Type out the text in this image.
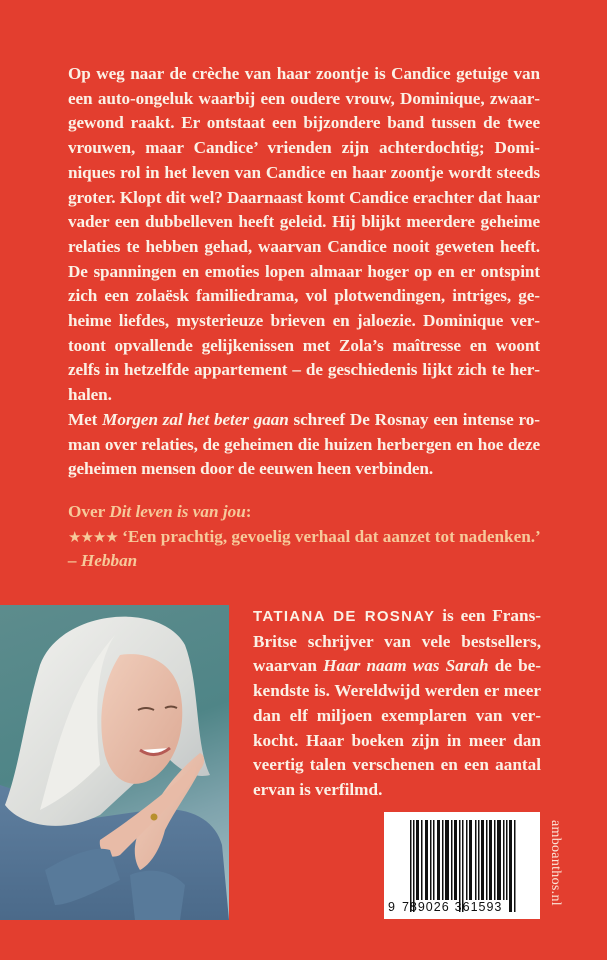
Op weg naar de crèche van haar zoontje is Candice getuige van een auto-ongeluk waarbij een oudere vrouw, Dominique, zwaargewond raakt. Er ontstaat een bijzondere band tussen de twee vrouwen, maar Candice’ vrienden zijn achterdochtig; Dominiques rol in het leven van Candice en haar zoontje wordt steeds groter. Klopt dit wel? Daarnaast komt Candice erachter dat haar vader een dubbelleven heeft geleid. Hij blijkt meerdere geheime relaties te hebben gehad, waarvan Candice nooit geweten heeft. De spanningen en emoties lopen almaar hoger op en er ontspint zich een zolaësk familiedrama, vol plotwendingen, intriges, geheime liefdes, mysterieuze brieven en jaloezie. Dominique vertoont opvallende gelijkenissen met Zola’s maîtresse en woont zelfs in hetzelfde appartement – de geschiedenis lijkt zich te herhalen.

Met Morgen zal het beter gaan schreef De Rosnay een intense roman over relaties, de geheimen die huizen herbergen en hoe deze geheimen mensen door de eeuwen heen verbinden.

Over Dit leven is van jou:

★★★★ ‘Een prachtig, gevoelig verhaal dat aanzet tot nadenken.’

– Hebban

TATIANA DE ROSNAY is een Frans-Britse schrijver van vele bestsellers, waarvan Haar naam was Sarah de bekendste is. Wereldwijd werden er meer dan elf miljoen exemplaren van verkocht. Haar boeken zijn in meer dan veertig talen verschenen en een aantal ervan is verfilmd.

9 789026 361593
amboanthos.nl
